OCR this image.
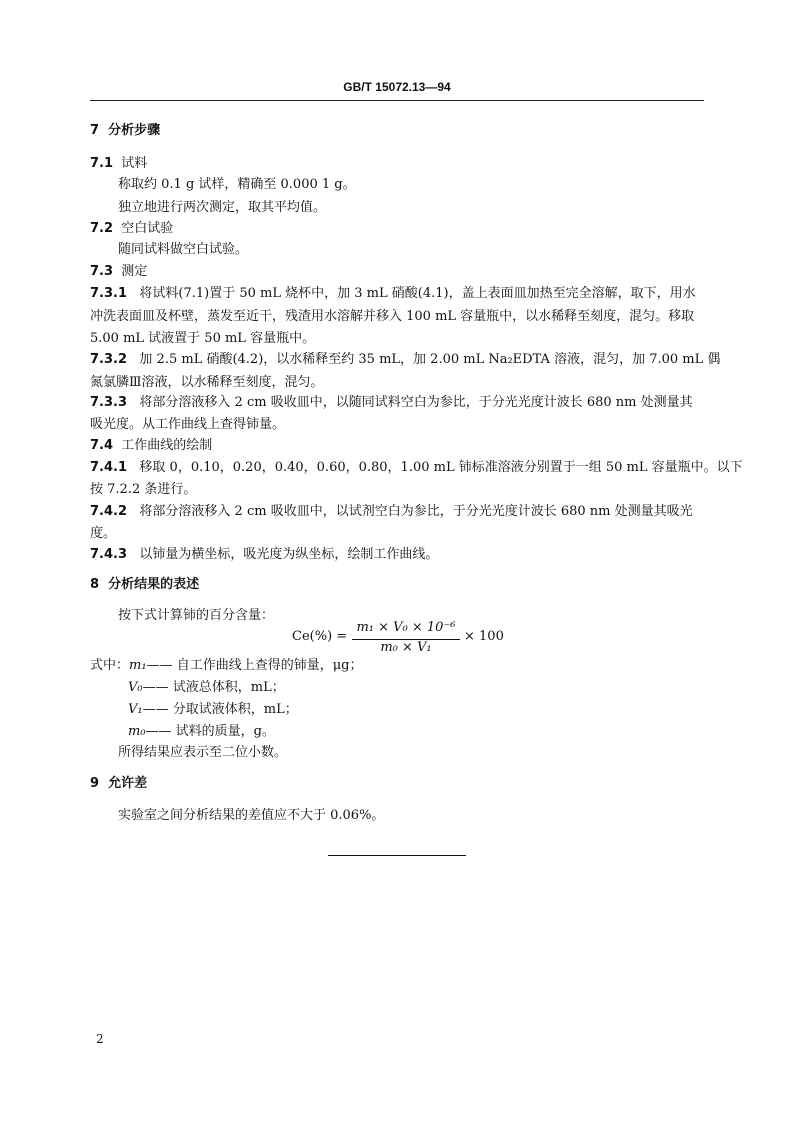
GB/T 15072.13—94
7 分析步骤
7.1 试料
称取约 0.1 g 试样，精确至 0.000 1 g。
独立地进行两次测定，取其平均值。
7.2 空白试验
随同试料做空白试验。
7.3 测定
7.3.1 将试料(7.1)置于 50 mL 烧杯中，加 3 mL 硝酸(4.1)，盖上表面皿加热至完全溶解，取下，用水
冲洗表面皿及杯壁，蒸发至近干，残渣用水溶解并移入 100 mL 容量瓶中，以水稀释至刻度，混匀。移取
5.00 mL 试液置于 50 mL 容量瓶中。
7.3.2 加 2.5 mL 硝酸(4.2)，以水稀释至约 35 mL，加 2.00 mL Na₂EDTA 溶液，混匀，加 7.00 mL 偶
氮氯膦Ⅲ溶液，以水稀释至刻度，混匀。
7.3.3 将部分溶液移入 2 cm 吸收皿中，以随同试料空白为参比，于分光光度计波长 680 nm 处测量其
吸光度。从工作曲线上查得铈量。
7.4 工作曲线的绘制
7.4.1 移取 0，0.10，0.20，0.40，0.60，0.80，1.00 mL 铈标准溶液分别置于一组 50 mL 容量瓶中。以下
按 7.2.2 条进行。
7.4.2 将部分溶液移入 2 cm 吸收皿中，以试剂空白为参比，于分光光度计波长 680 nm 处测量其吸光
度。
7.4.3 以铈量为横坐标，吸光度为纵坐标，绘制工作曲线。
8 分析结果的表述
按下式计算铈的百分含量：
Ce(%) =
m₁ × V₀ × 10⁻⁶
m₀ × V₁
× 100
式中：m₁—— 自工作曲线上查得的铈量，μg；
V₀—— 试液总体积，mL；
V₁—— 分取试液体积，mL；
m₀—— 试料的质量，g。
所得结果应表示至二位小数。
9 允许差
实验室之间分析结果的差值应不大于 0.06%。
2
